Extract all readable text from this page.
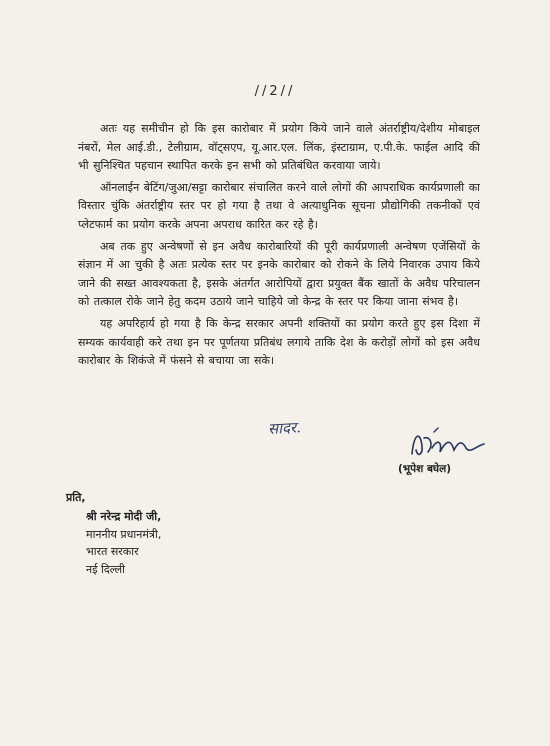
//2//

अतः यह समीचीन हो कि इस कारोबार में प्रयोग किये जाने वाले अंतर्राष्ट्रीय/देशीय मोबाइल नंबरों, मेल आई.डी., टेलीग्राम, वॉट्सएप, यू.आर.एल. लिंक, इंस्टाग्राम, ए.पी.के. फाईल आदि की भी सुनिश्चित पहचान स्थापित करके इन सभी को प्रतिबंधित करवाया जाये।

ऑनलाईन बेटिंग/जुआ/सट्टा कारोबार संचालित करने वाले लोगों की आपराधिक कार्यप्रणाली का विस्तार चुंकि अंतर्राष्ट्रीय स्तर पर हो गया है तथा वे अत्याधुनिक सूचना प्रौद्योगिकी तकनीकों एवं प्लेटफार्म का प्रयोग करके अपना अपराध कारित कर रहे है।

अब तक हुए अन्वेषणों से इन अवैध कारोबारियों की पूरी कार्यप्रणाली अन्वेषण एजेंसियों के संज्ञान में आ चुकी है अतः प्रत्येक स्तर पर इनके कारोबार को रोकने के लिये निवारक उपाय किये जाने की सख्त आवश्यकता है, इसके अंतर्गत आरोपियों द्वारा प्रयुक्त बैंक खातों के अवैध परिचालन को तत्काल रोके जाने हेतु कदम उठाये जाने चाहिये जो केन्द्र के स्तर पर किया जाना संभव है।

यह अपरिहार्य हो गया है कि केन्द्र सरकार अपनी शक्तियों का प्रयोग करते हुए इस दिशा में सम्यक कार्यवाही करे तथा इन पर पूर्णतया प्रतिबंध लगाये ताकि देश के करोड़ों लोगों को इस अवैध कारोबार के शिकंजे में फंसने से बचाया जा सके।

सादर.
(भूपेश बघेल)
प्रति,
श्री नरेन्द्र मोदी जी,
माननीय प्रधानमंत्री,
भारत सरकार
नई दिल्ली
